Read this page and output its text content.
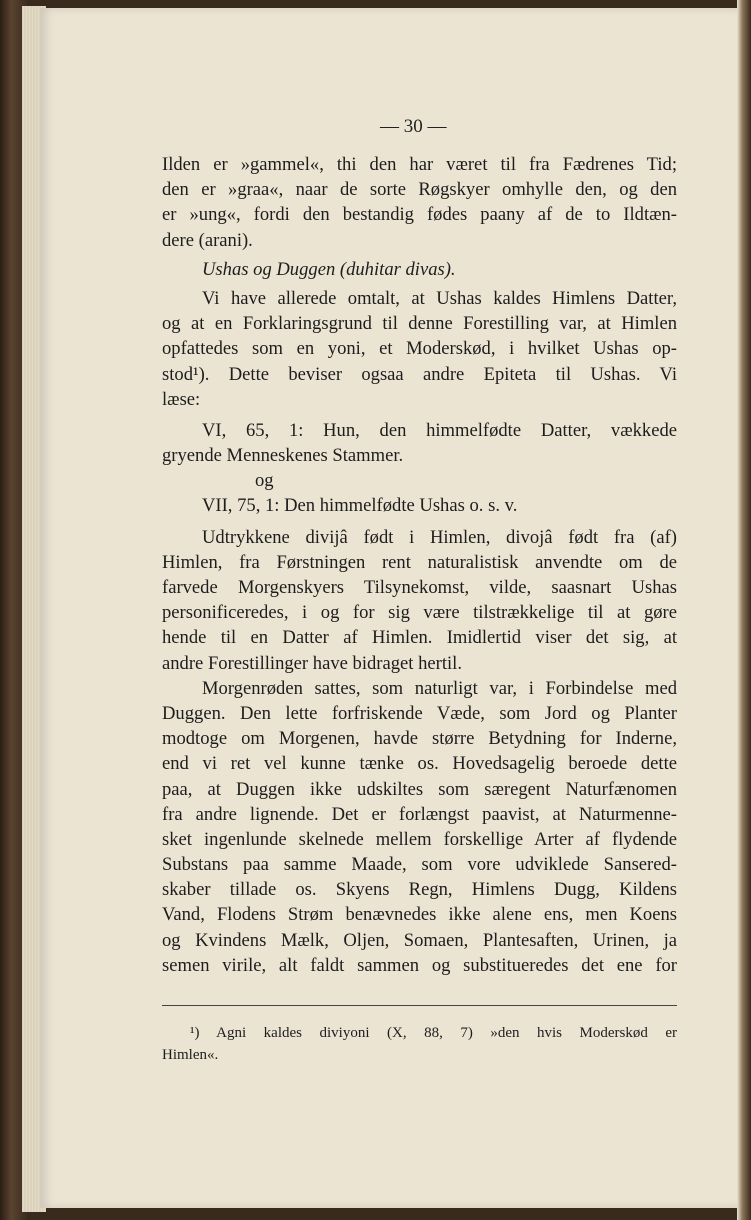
— 30 —
Ilden er »gammel«, thi den har været til fra Fædrenes Tid;
den er »graa«, naar de sorte Røgskyer omhylle den, og den
er »ung«, fordi den bestandig fødes paany af de to Ildtæn-
dere (arani).
Ushas og Duggen (duhitar divas).
Vi have allerede omtalt, at Ushas kaldes Himlens Datter,
og at en Forklaringsgrund til denne Forestilling var, at Himlen
opfattedes som en yoni, et Moderskød, i hvilket Ushas op-
stod¹). Dette beviser ogsaa andre Epiteta til Ushas. Vi
læse:
VI, 65, 1: Hun, den himmelfødte Datter, vækkede
gryende Menneskenes Stammer.
og
VII, 75, 1: Den himmelfødte Ushas o. s. v.
Udtrykkene divijâ født i Himlen, divojâ født fra (af)
Himlen, fra Førstningen rent naturalistisk anvendte om de
farvede Morgenskyers Tilsynekomst, vilde, saasnart Ushas
personificeredes, i og for sig være tilstrækkelige til at gøre
hende til en Datter af Himlen. Imidlertid viser det sig, at
andre Forestillinger have bidraget hertil.
Morgenrøden sattes, som naturligt var, i Forbindelse med
Duggen. Den lette forfriskende Væde, som Jord og Planter
modtoge om Morgenen, havde større Betydning for Inderne,
end vi ret vel kunne tænke os. Hovedsagelig beroede dette
paa, at Duggen ikke udskiltes som særegent Naturfænomen
fra andre lignende. Det er forlængst paavist, at Naturmenne-
sket ingenlunde skelnede mellem forskellige Arter af flydende
Substans paa samme Maade, som vore udviklede Sansered-
skaber tillade os. Skyens Regn, Himlens Dugg, Kildens
Vand, Flodens Strøm benævnedes ikke alene ens, men Koens
og Kvindens Mælk, Oljen, Somaen, Plantesaften, Urinen, ja
semen virile, alt faldt sammen og substitueredes det ene for
¹) Agni kaldes diviyoni (X, 88, 7) »den hvis Moderskød er
Himlen«.
